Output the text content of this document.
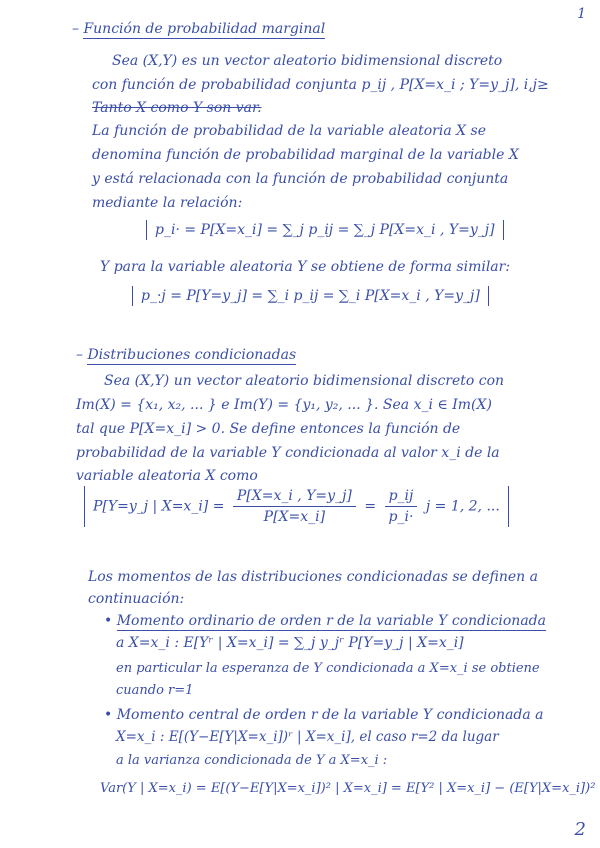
1
– Función de probabilidad marginal
Sea (X,Y) es un vector aleatorio bidimensional discreto
con función de probabilidad conjunta p_ij , P[X=x_i ; Y=y_j], i,j≥
Tanto X como Y son var.
La función de probabilidad de la variable aleatoria X se
denomina función de probabilidad marginal de la variable X
y está relacionada con la función de probabilidad conjunta
mediante la relación:
p_i· = P[X=x_i] = ∑_j p_ij = ∑_j P[X=x_i , Y=y_j]
Y para la variable aleatoria Y se obtiene de forma similar:
p_·j = P[Y=y_j] = ∑_i p_ij = ∑_i P[X=x_i , Y=y_j]
– Distribuciones condicionadas
Sea (X,Y) un vector aleatorio bidimensional discreto con
Im(X) = {x₁, x₂, ... } e Im(Y) = {y₁, y₂, ... }. Sea x_i ∈ Im(X)
tal que P[X=x_i] > 0. Se define entonces la función de
probabilidad de la variable Y condicionada al valor x_i de la
variable aleatoria X como
P[Y=y_j | X=x_i] = $\frac{P[X=x\_i , Y=y\_j]}{P[X=x\_i]} = \frac{p\_ij}{p\_i\cdot}$ j = 1, 2, ...
Los momentos de las distribuciones condicionadas se definen a
continuación:
• Momento ordinario de orden r de la variable Y condicionada
a X=x_i : E[Yʳ | X=x_i] = ∑_j y_jʳ P[Y=y_j | X=x_i]
en particular la esperanza de Y condicionada a X=x_i se obtiene
cuando r=1
• Momento central de orden r de la variable Y condicionada a
X=x_i : E[(Y−E[Y|X=x_i])ʳ | X=x_i], el caso r=2 da lugar
a la varianza condicionada de Y a X=x_i :
Var(Y | X=x_i) = E[(Y−E[Y|X=x_i])² | X=x_i] = E[Y² | X=x_i] − (E[Y|X=x_i])²
2
